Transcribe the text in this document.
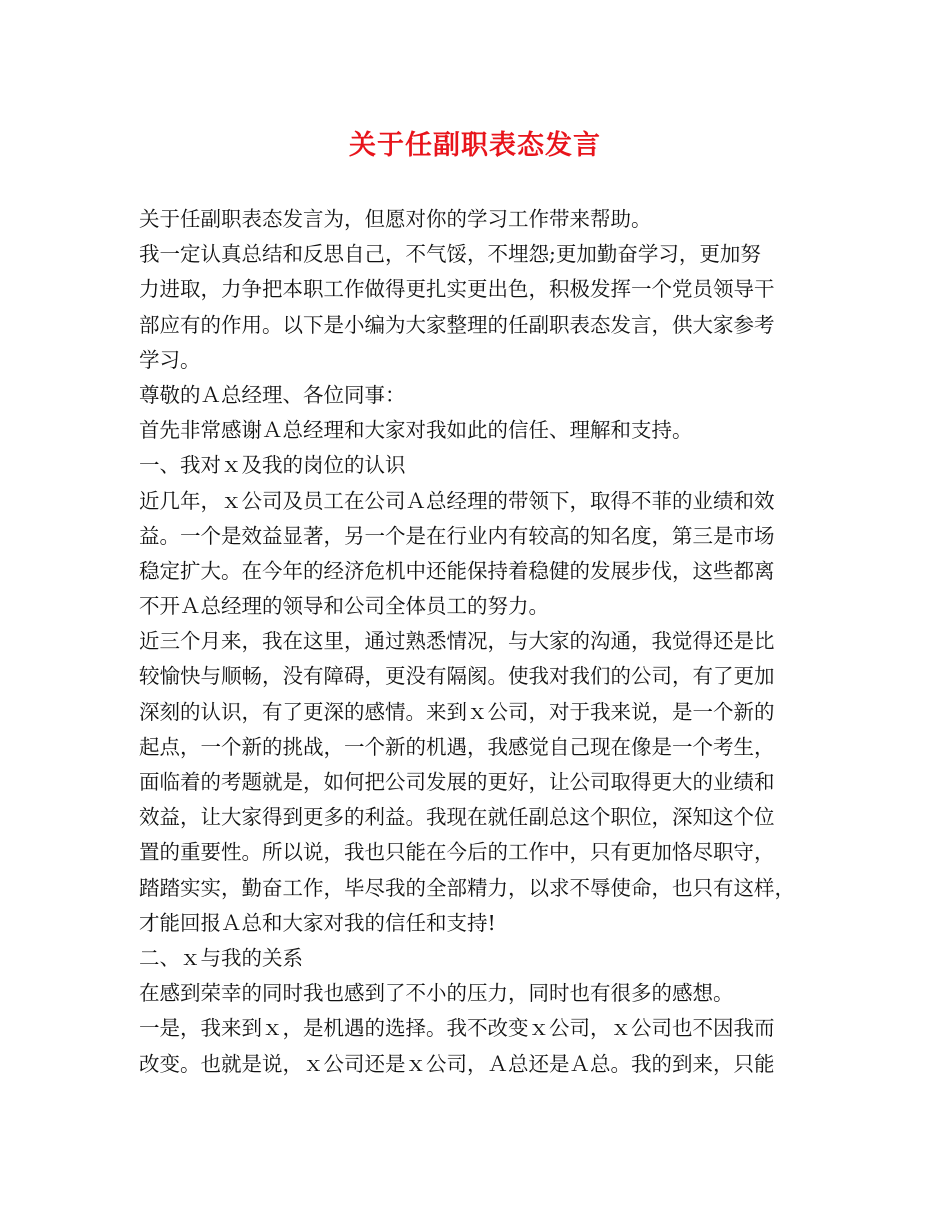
关于任副职表态发言
关于任副职表态发言为，但愿对你的学习工作带来帮助。
我一定认真总结和反思自己，不气馁，不埋怨;更加勤奋学习，更加努
力进取，力争把本职工作做得更扎实更出色，积极发挥一个党员领导干
部应有的作用。以下是小编为大家整理的任副职表态发言，供大家参考
学习。
尊敬的Ａ总经理、各位同事：
首先非常感谢Ａ总经理和大家对我如此的信任、理解和支持。
一、我对ｘ及我的岗位的认识
近几年，ｘ公司及员工在公司Ａ总经理的带领下，取得不菲的业绩和效
益。一个是效益显著，另一个是在行业内有较高的知名度，第三是市场
稳定扩大。在今年的经济危机中还能保持着稳健的发展步伐，这些都离
不开Ａ总经理的领导和公司全体员工的努力。
近三个月来，我在这里，通过熟悉情况，与大家的沟通，我觉得还是比
较愉快与顺畅，没有障碍，更没有隔阂。使我对我们的公司，有了更加
深刻的认识，有了更深的感情。来到ｘ公司，对于我来说，是一个新的
起点，一个新的挑战，一个新的机遇，我感觉自己现在像是一个考生，
面临着的考题就是，如何把公司发展的更好，让公司取得更大的业绩和
效益，让大家得到更多的利益。我现在就任副总这个职位，深知这个位
置的重要性。所以说，我也只能在今后的工作中，只有更加恪尽职守，
踏踏实实，勤奋工作，毕尽我的全部精力，以求不辱使命，也只有这样，
才能回报Ａ总和大家对我的信任和支持!
二、ｘ与我的关系
在感到荣幸的同时我也感到了不小的压力，同时也有很多的感想。
一是，我来到ｘ，是机遇的选择。我不改变ｘ公司，ｘ公司也不因我而
改变。也就是说，ｘ公司还是ｘ公司，Ａ总还是Ａ总。我的到来，只能
